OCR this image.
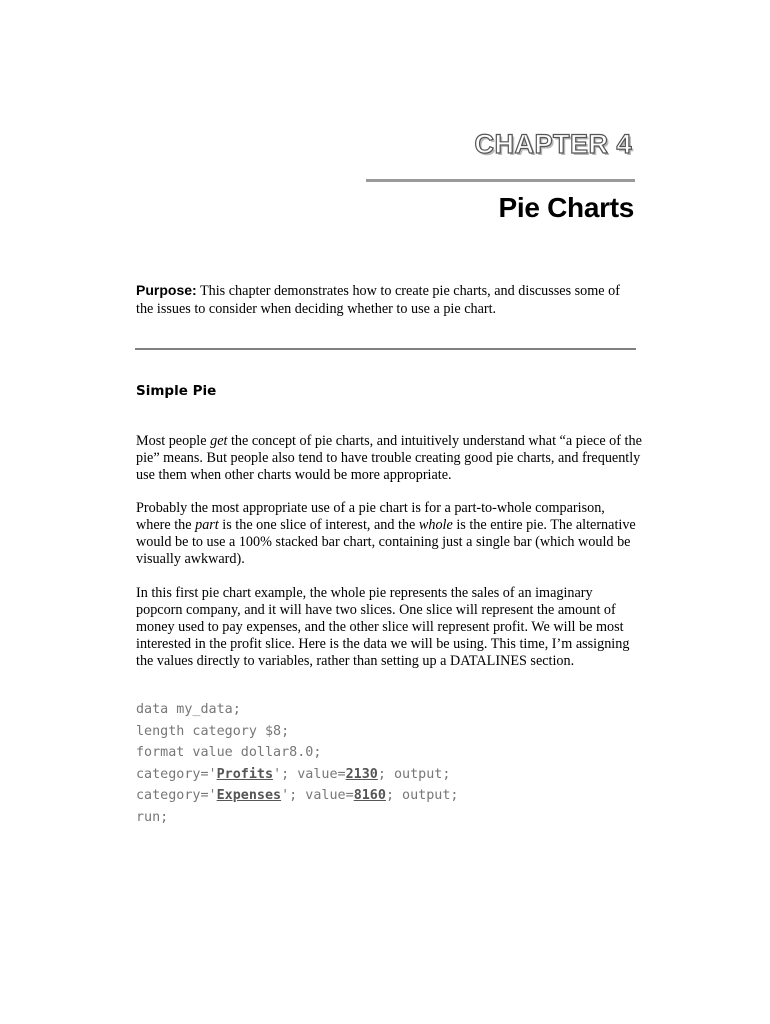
CHAPTER 4
Pie Charts

Purpose: This chapter demonstrates how to create pie charts, and discusses some of the issues to consider when deciding whether to use a pie chart.

Simple Pie

Most people get the concept of pie charts, and intuitively understand what “a piece of the pie” means. But people also tend to have trouble creating good pie charts, and frequently use them when other charts would be more appropriate.

Probably the most appropriate use of a pie chart is for a part-to-whole comparison, where the part is the one slice of interest, and the whole is the entire pie. The alternative would be to use a 100% stacked bar chart, containing just a single bar (which would be visually awkward).

In this first pie chart example, the whole pie represents the sales of an imaginary popcorn company, and it will have two slices. One slice will represent the amount of money used to pay expenses, and the other slice will represent profit. We will be most interested in the profit slice. Here is the data we will be using. This time, I’m assigning the values directly to variables, rather than setting up a DATALINES section.

data my_data;
length category $8;
format value dollar8.0;
category='Profits'; value=2130; output;
category='Expenses'; value=8160; output;
run;
